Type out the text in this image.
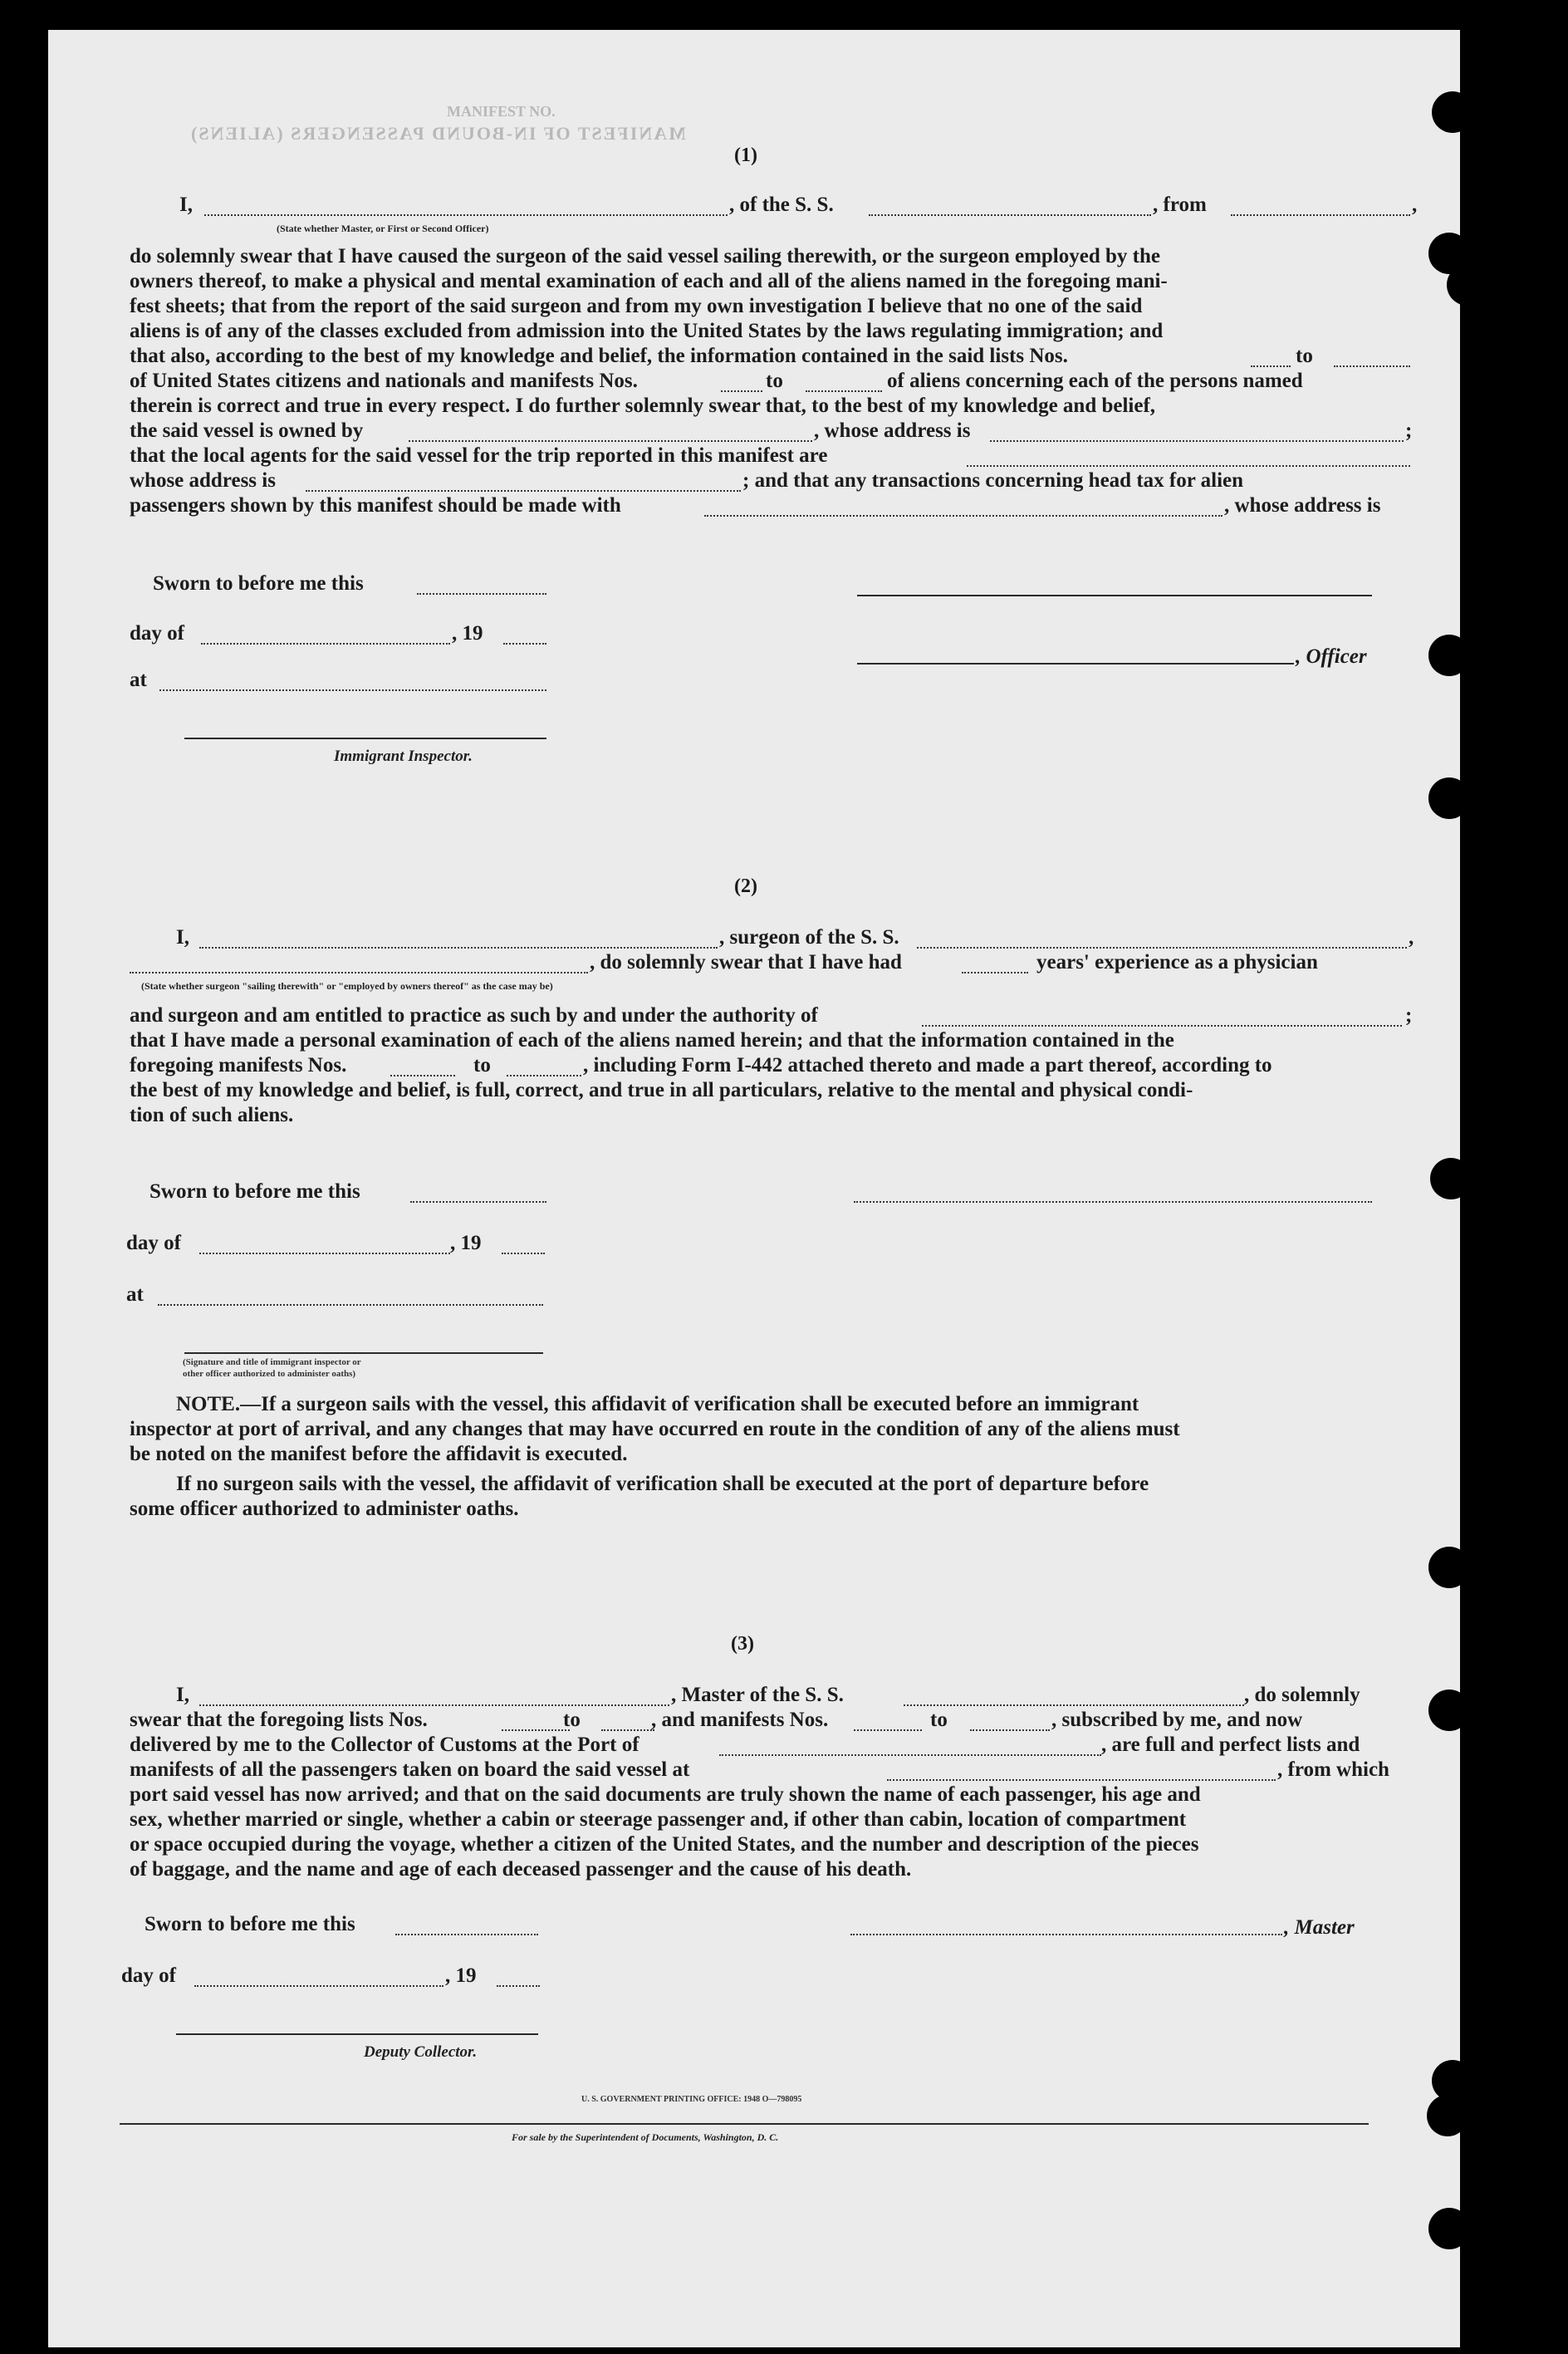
MANIFEST NO.
MANIFEST OF IN-BOUND PASSENGERS (ALIENS)
(1)
I,	, of the S. S.	, from	,
(State whether Master, or First or Second Officer)
do solemnly swear that I have caused the surgeon of the said vessel sailing therewith, or the surgeon employed by the
owners thereof, to make a physical and mental examination of each and all of the aliens named in the foregoing mani-
fest sheets; that from the report of the said surgeon and from my own investigation I believe that no one of the said
aliens is of any of the classes excluded from admission into the United States by the laws regulating immigration; and
that also, according to the best of my knowledge and belief, the information contained in the said lists Nos.	to
of United States citizens and nationals and manifests Nos.	to	of aliens concerning each of the persons named
therein is correct and true in every respect. I do further solemnly swear that, to the best of my knowledge and belief,
the said vessel is owned by	, whose address is	;
that the local agents for the said vessel for the trip reported in this manifest are
whose address is	; and that any transactions concerning head tax for alien
passengers shown by this manifest should be made with	, whose address is
Sworn to before me this
day of	, 19
, Officer
at
Immigrant Inspector.
(2)
I,	, surgeon of the S. S.	,
, do solemnly swear that I have had	years' experience as a physician
(State whether surgeon "sailing therewith" or "employed by owners thereof" as the case may be)
and surgeon and am entitled to practice as such by and under the authority of	;
that I have made a personal examination of each of the aliens named herein; and that the information contained in the
foregoing manifests Nos.	to	, including Form I-442 attached thereto and made a part thereof, according to
the best of my knowledge and belief, is full, correct, and true in all particulars, relative to the mental and physical condi-
tion of such aliens.
Sworn to before me this
day of	, 19
at
(Signature and title of immigrant inspector or
other officer authorized to administer oaths)
NOTE.—If a surgeon sails with the vessel, this affidavit of verification shall be executed before an immigrant
inspector at port of arrival, and any changes that may have occurred en route in the condition of any of the aliens must
be noted on the manifest before the affidavit is executed.
If no surgeon sails with the vessel, the affidavit of verification shall be executed at the port of departure before
some officer authorized to administer oaths.
(3)
I,	, Master of the S. S.	, do solemnly
swear that the foregoing lists Nos.	to	, and manifests Nos.	to	, subscribed by me, and now
delivered by me to the Collector of Customs at the Port of	, are full and perfect lists and
manifests of all the passengers taken on board the said vessel at	, from which
port said vessel has now arrived; and that on the said documents are truly shown the name of each passenger, his age and
sex, whether married or single, whether a cabin or steerage passenger and, if other than cabin, location of compartment
or space occupied during the voyage, whether a citizen of the United States, and the number and description of the pieces
of baggage, and the name and age of each deceased passenger and the cause of his death.
Sworn to before me this	, Master
day of	, 19
Deputy Collector.
U. S. GOVERNMENT PRINTING OFFICE: 1948 O—798095
For sale by the Superintendent of Documents, Washington, D. C.
